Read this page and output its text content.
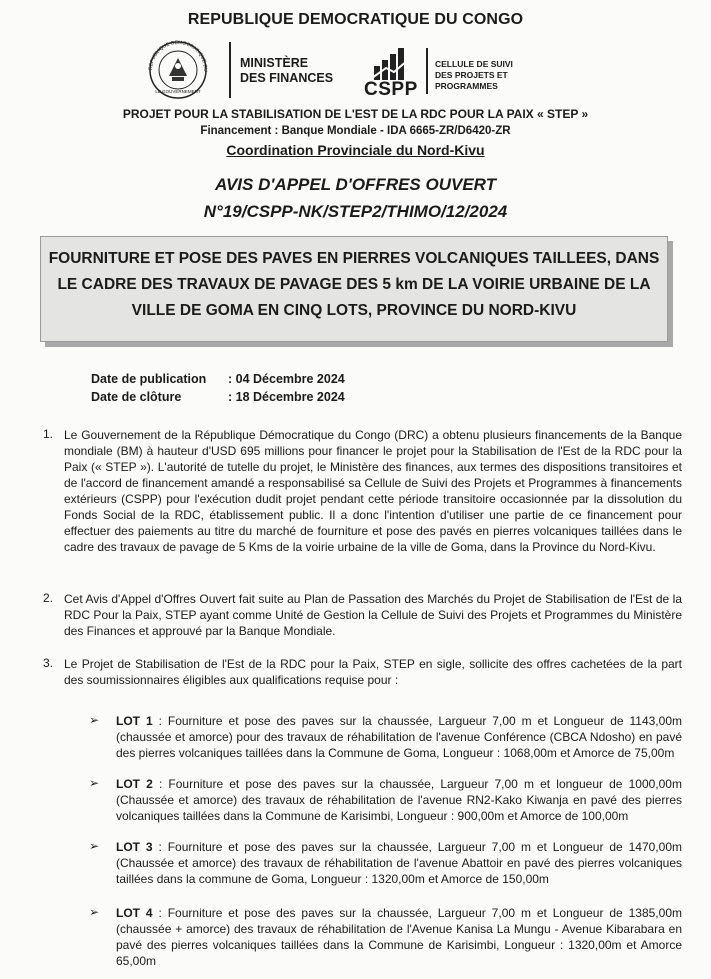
REPUBLIQUE DEMOCRATIQUE DU CONGO
REPUBLIQUE DEMOCRATIQUE DU
LE GOUVERNEMENT
MINISTÈRE
DES FINANCES
CSPP
CELLULE DE SUIVI
DES PROJETS ET
PROGRAMMES
PROJET POUR LA STABILISATION DE L'EST DE LA RDC POUR LA PAIX « STEP »
Financement : Banque Mondiale - IDA 6665-ZR/D6420-ZR
Coordination Provinciale du Nord-Kivu
AVIS D'APPEL D'OFFRES OUVERT
N°19/CSPP-NK/STEP2/THIMO/12/2024
FOURNITURE ET POSE DES PAVES EN PIERRES VOLCANIQUES TAILLEES, DANS
LE CADRE DES TRAVAUX DE PAVAGE DES 5 km DE LA VOIRIE URBAINE DE LA
VILLE DE GOMA EN CINQ LOTS, PROVINCE DU NORD-KIVU
Date de publication : 04 Décembre 2024
Date de clôture	: 18 Décembre 2024
1. Le Gouvernement de la République Démocratique du Congo (DRC) a obtenu plusieurs financements de la Banque mondiale (BM) à hauteur d'USD 695 millions pour financer le projet pour la Stabilisation de l'Est de la RDC pour la Paix (« STEP »). L'autorité de tutelle du projet, le Ministère des finances, aux termes des dispositions transitoires et de l'accord de financement amandé a responsabilisé sa Cellule de Suivi des Projets et Programmes à financements extérieurs (CSPP) pour l'exécution dudit projet pendant cette période transitoire occasionnée par la dissolution du Fonds Social de la RDC, établissement public. Il a donc l'intention d'utiliser une partie de ce financement pour effectuer des paiements au titre du marché de fourniture et pose des pavés en pierres volcaniques taillées dans le cadre des travaux de pavage de 5 Kms de la voirie urbaine de la ville de Goma, dans la Province du Nord-Kivu.

2. Cet Avis d'Appel d'Offres Ouvert fait suite au Plan de Passation des Marchés du Projet de Stabilisation de l'Est de la RDC Pour la Paix, STEP ayant comme Unité de Gestion la Cellule de Suivi des Projets et Programmes du Ministère des Finances et approuvé par la Banque Mondiale.

3. Le Projet de Stabilisation de l'Est de la RDC pour la Paix, STEP en sigle, sollicite des offres cachetées de la part des soumissionnaires éligibles aux qualifications requise pour :

➢ LOT 1 : Fourniture et pose des paves sur la chaussée, Largueur 7,00 m et Longueur de 1143,00m (chaussée et amorce) pour des travaux de réhabilitation de l'avenue Conférence (CBCA Ndosho) en pavé des pierres volcaniques taillées dans la Commune de Goma, Longueur : 1068,00m et Amorce de 75,00m

➢ LOT 2 : Fourniture et pose des paves sur la chaussée, Largueur 7,00 m et longueur de 1000,00m (Chaussée et amorce) des travaux de réhabilitation de l'avenue RN2-Kako Kiwanja en pavé des pierres volcaniques taillées dans la Commune de Karisimbi, Longueur : 900,00m et Amorce de 100,00m

➢ LOT 3 : Fourniture et pose des paves sur la chaussée, Largueur 7,00 m et Longueur de 1470,00m (Chaussée et amorce) des travaux de réhabilitation de l'avenue Abattoir en pavé des pierres volcaniques taillées dans la commune de Goma, Longueur : 1320,00m et Amorce de 150,00m

➢ LOT 4 : Fourniture et pose des paves sur la chaussée, Largueur 7,00 m et Longueur de 1385,00m (chaussée + amorce) des travaux de réhabilitation de l'Avenue Kanisa La Mungu - Avenue Kibarabara en pavé des pierres volcaniques taillées dans la Commune de Karisimbi, Longueur : 1320,00m et Amorce 65,00m
